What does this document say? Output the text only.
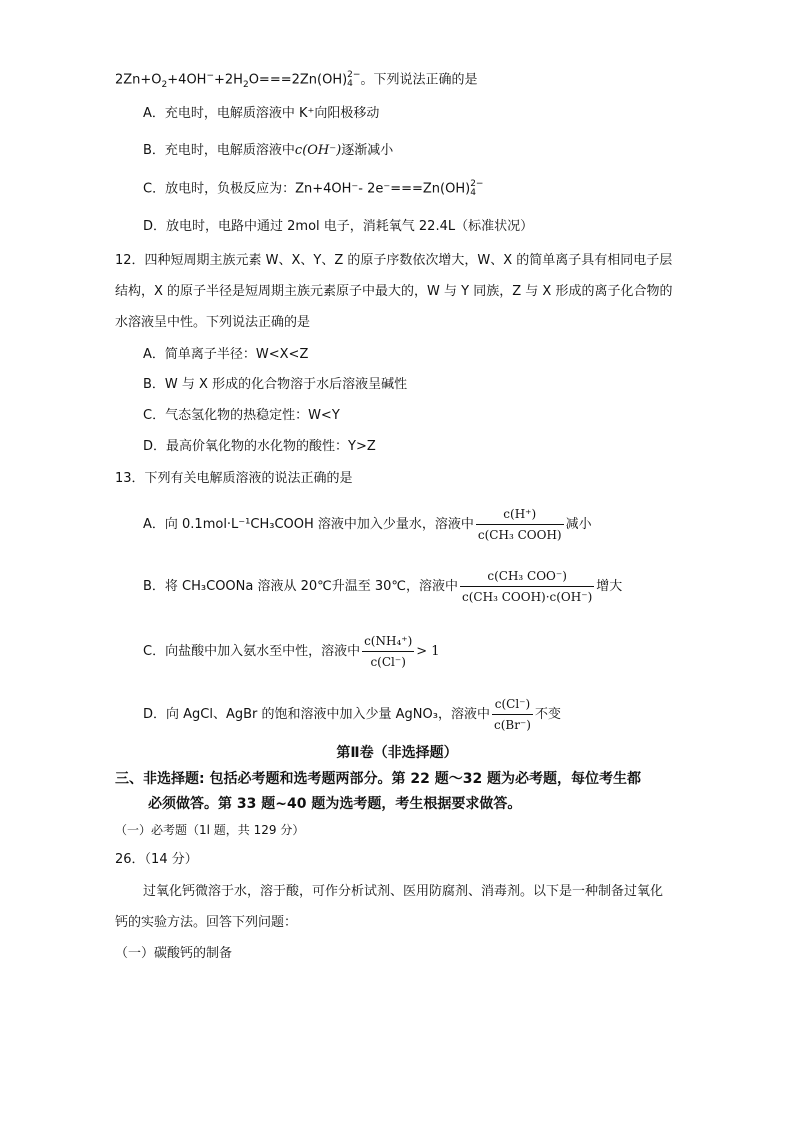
$2Zn+O_2+4OH^-+2H_2O===2Zn(OH)$ 2−
4 。下列说法正确的是
A．充电时，电解质溶液中 K⁺向阳极移动
B．充电时，电解质溶液中c(OH⁻)逐渐减小
C．放电时，负极反应为：Zn+4OH⁻- 2e⁻===Zn(OH) 2−
4
D．放电时，电路中通过 2mol 电子，消耗氧气 22.4L（标准状况）
12．四种短周期主族元素 W、X、Y、Z 的原子序数依次增大，W、X 的简单离子具有相同电子层
结构，X 的原子半径是短周期主族元素原子中最大的，W 与 Y 同族，Z 与 X 形成的离子化合物的
水溶液呈中性。下列说法正确的是
A．简单离子半径：W<X<Z
B．W 与 X 形成的化合物溶于水后溶液呈碱性
C．气态氢化物的热稳定性：W<Y
D．最高价氧化物的水化物的酸性：Y>Z
13．下列有关电解质溶液的说法正确的是
A．向 0.1mol·L⁻¹CH₃COOH 溶液中加入少量水，溶液中 $\frac{c(H^+)}{\text{c(CH₃ COOH)}}$ 减小
B．将 CH₃COONa 溶液从 20℃升温至 30℃，溶液中 $\frac{\text{c(CH₃ COO⁻)}}{\text{c(CH₃ COOH)·c(OH⁻)}}$ 增大
C．向盐酸中加入氨水至中性，溶液中 $\frac{\text{c(NH₄⁺)}}{c(Cl^-)} > 1$
D．向 AgCl、AgBr 的饱和溶液中加入少量 AgNO₃，溶液中 $\frac{c(Cl^-)}{c(Br^-)}$ 不变
第Ⅱ卷（非选择题）
三、非选择题: 包括必考题和选考题两部分。第 22 题～32 题为必考题，每位考生都
必须做答。第 33 题~40 题为选考题，考生根据要求做答。
（一）必考题（1l 题，共 129 分）
26．（14 分）
过氧化钙微溶于水，溶于酸，可作分析试剂、医用防腐剂、消毒剂。以下是一种制备过氧化
钙的实验方法。回答下列问题：
（一）碳酸钙的制备
